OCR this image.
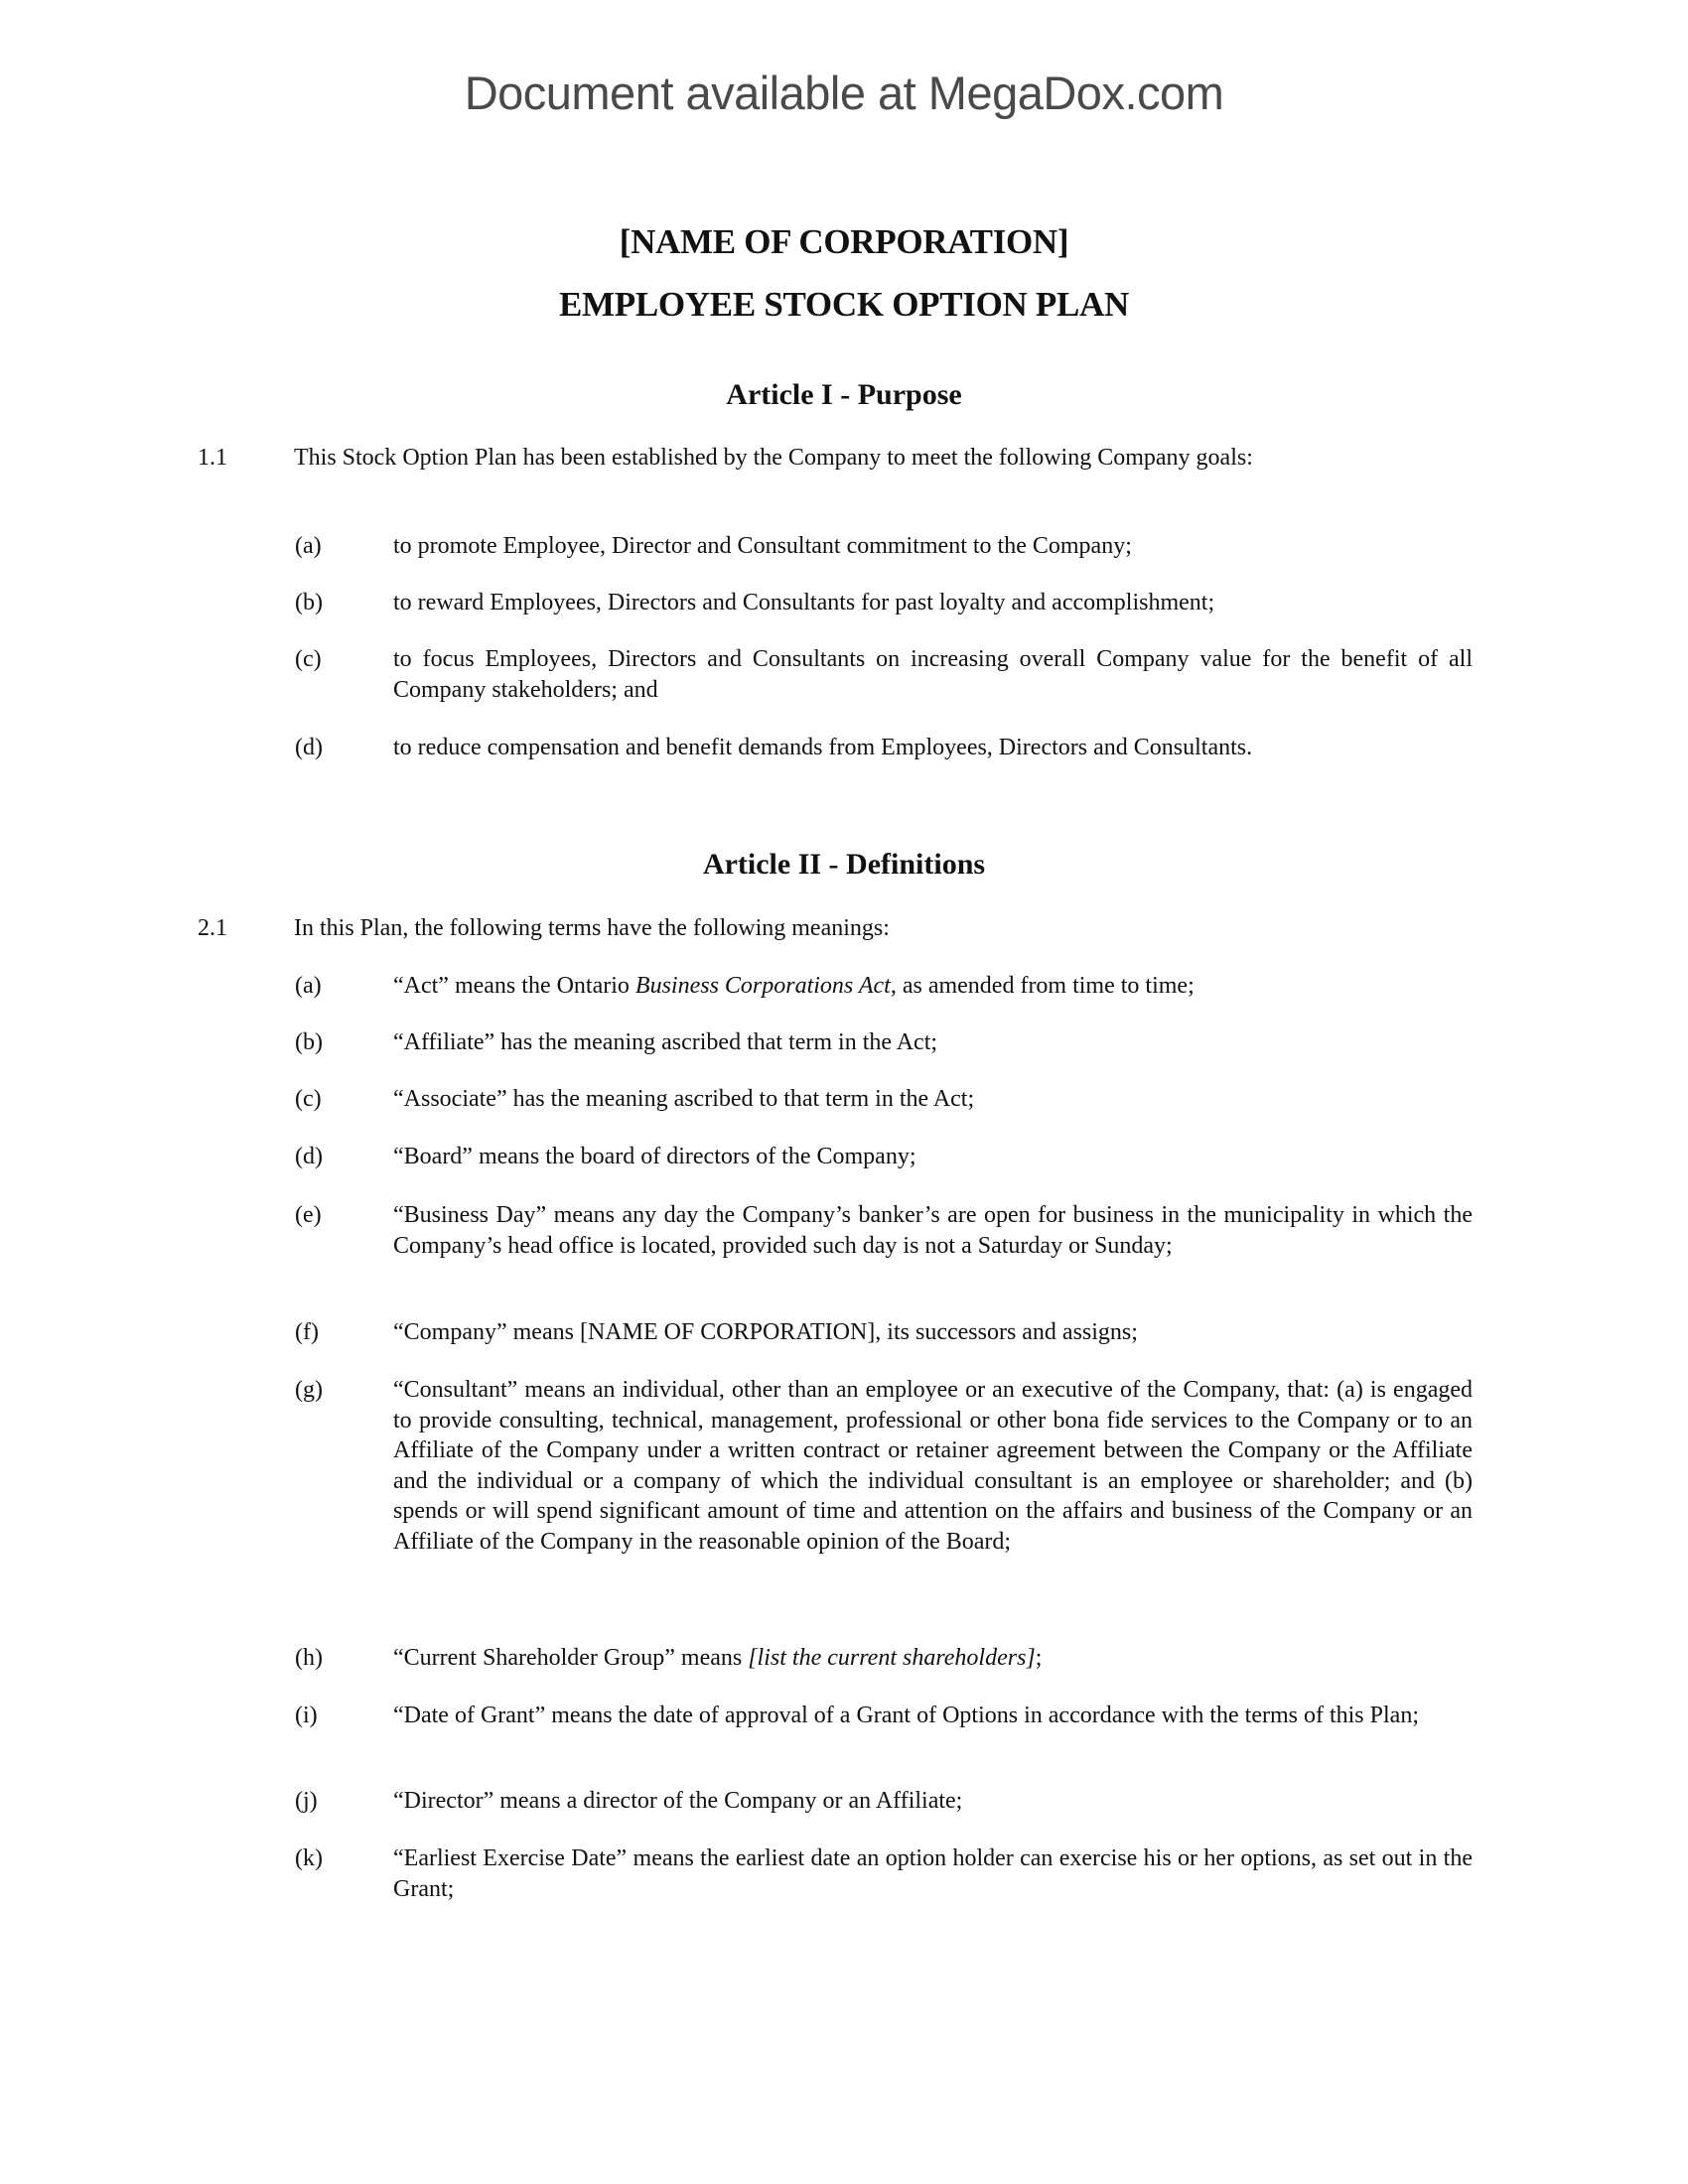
Document available at MegaDox.com
[NAME OF CORPORATION]
EMPLOYEE STOCK OPTION PLAN
Article I - Purpose
1.1	This Stock Option Plan has been established by the Company to meet the following Company goals:
(a)	to promote Employee, Director and Consultant commitment to the Company;
(b)	to reward Employees, Directors and Consultants for past loyalty and accomplishment;
(c)	to focus Employees, Directors and Consultants on increasing overall Company value for the benefit of all Company stakeholders; and
(d)	to reduce compensation and benefit demands from Employees, Directors and Consultants.
Article II - Definitions
2.1	In this Plan, the following terms have the following meanings:
(a)	“Act” means the Ontario Business Corporations Act, as amended from time to time;
(b)	“Affiliate” has the meaning ascribed that term in the Act;
(c)	“Associate” has the meaning ascribed to that term in the Act;
(d)	“Board” means the board of directors of the Company;
(e)	“Business Day” means any day the Company’s banker’s are open for business in the municipality in which the Company’s head office is located, provided such day is not a Saturday or Sunday;
(f)	“Company” means [NAME OF CORPORATION], its successors and assigns;
(g)	“Consultant” means an individual, other than an employee or an executive of the Company, that: (a) is engaged to provide consulting, technical, management, professional or other bona fide services to the Company or to an Affiliate of the Company under a written contract or retainer agreement between the Company or the Affiliate and the individual or a company of which the individual consultant is an employee or shareholder; and (b) spends or will spend significant amount of time and attention on the affairs and business of the Company or an Affiliate of the Company in the reasonable opinion of the Board;
(h)	“Current Shareholder Group” means [list the current shareholders];
(i)	“Date of Grant” means the date of approval of a Grant of Options in accordance with the terms of this Plan;
(j)	“Director” means a director of the Company or an Affiliate;
(k)	“Earliest Exercise Date” means the earliest date an option holder can exercise his or her options, as set out in the Grant;
